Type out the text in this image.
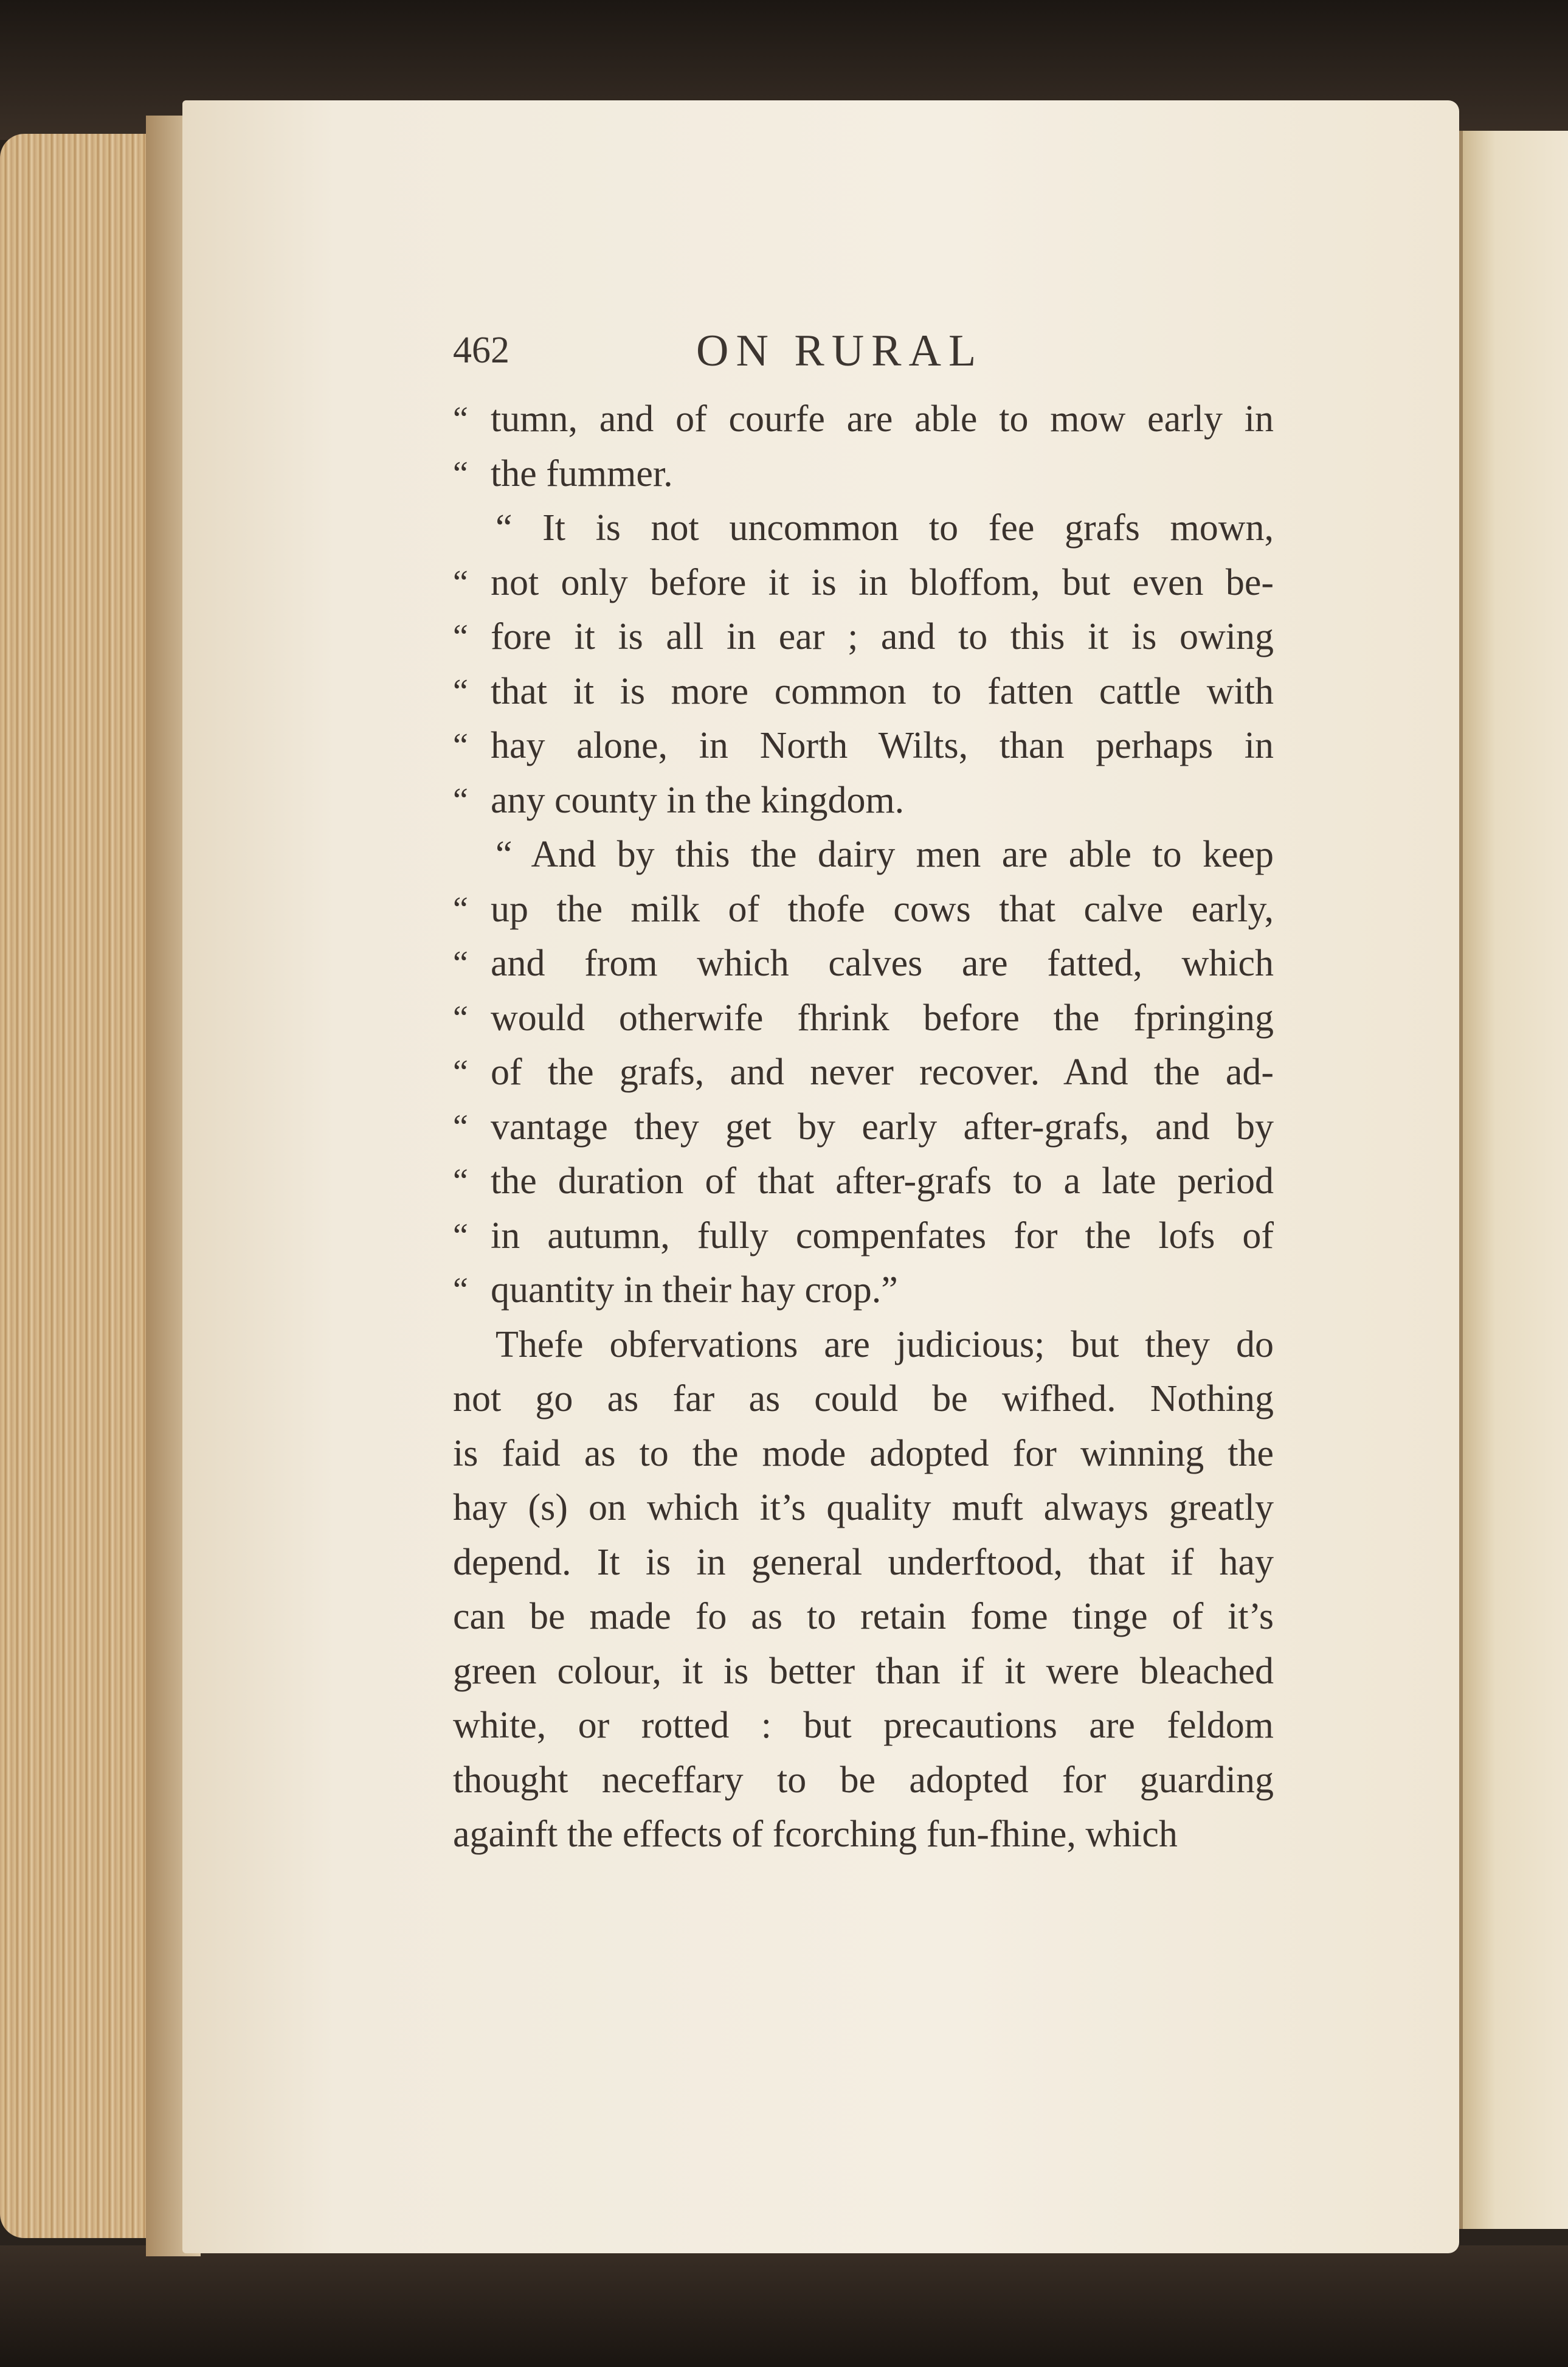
462	ON RURAL
“ tumn, and of courfe are able to mow early in
“ the fummer.
“ It is not uncommon to fee grafs mown,
“ not only before it is in bloffom, but even be-
“ fore it is all in ear ; and to this it is owing
“ that it is more common to fatten cattle with
“ hay alone, in North Wilts, than perhaps in
“ any county in the kingdom.
“ And by this the dairy men are able to keep
“ up the milk of thofe cows that calve early,
“ and from which calves are fatted, which
“ would otherwife fhrink before the fpringing
“ of the grafs, and never recover. And the ad-
“ vantage they get by early after-grafs, and by
“ the duration of that after-grafs to a late period
“ in autumn, fully compenfates for the lofs of
“ quantity in their hay crop.”
Thefe obfervations are judicious; but they do
not go as far as could be wifhed. Nothing
is faid as to the mode adopted for winning the
hay (s) on which it’s quality muft always greatly
depend. It is in general underftood, that if hay
can be made fo as to retain fome tinge of it’s
green colour, it is better than if it were bleached
white, or rotted : but precautions are feldom
thought neceffary to be adopted for guarding
againft the effects of fcorching fun-fhine, which
